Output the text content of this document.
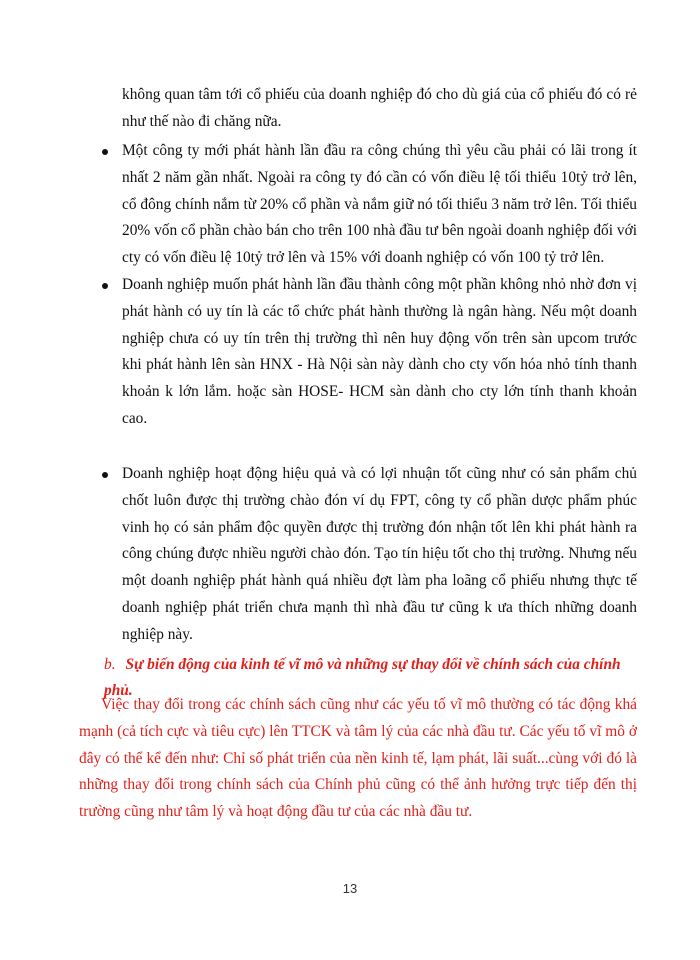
không quan tâm tới cổ phiếu của doanh nghiệp đó cho dù giá của cổ phiếu đó có rẻ như thế nào đi chăng nữa.
Một công ty mới phát hành lần đầu ra công chúng thì yêu cầu phải có lãi trong ít nhất 2 năm gần nhất. Ngoài ra công ty đó cần có vốn điều lệ tối thiểu 10tỷ trở lên, cổ đông chính nắm từ 20% cổ phần và nắm giữ nó tối thiểu 3 năm trở lên. Tối thiểu 20% vốn cổ phần chào bán cho trên 100 nhà đầu tư bên ngoài doanh nghiệp đối với cty có vốn điều lệ 10tỷ trở lên và 15% với doanh nghiệp có vốn 100 tỷ trở lên.
Doanh nghiệp muốn phát hành lần đầu thành công một phần không nhỏ nhờ đơn vị phát hành có uy tín là các tổ chức phát hành thường là ngân hàng. Nếu một doanh nghiệp chưa có uy tín trên thị trường thì nên huy động vốn trên sàn upcom trước khi phát hành lên sàn HNX - Hà Nội sàn này dành cho cty vốn hóa nhỏ tính thanh khoản k lớn lắm. hoặc sàn HOSE- HCM sàn dành cho cty lớn tính thanh khoản cao.
Doanh nghiệp hoạt động hiệu quả và có lợi nhuận tốt cũng như có sản phẩm chủ chốt luôn được thị trường chào đón ví dụ FPT, công ty cổ phần dược phẩm phúc vinh họ có sản phẩm độc quyền được thị trường đón nhận tốt lên khi phát hành ra công chúng được nhiều người chào đón. Tạo tín hiệu tốt cho thị trường. Nhưng nếu một doanh nghiệp phát hành quá nhiều đợt làm pha loãng cổ phiếu nhưng thực tế doanh nghiệp phát triển chưa mạnh thì nhà đầu tư cũng k ưa thích những doanh nghiệp này.
b. Sự biến động của kinh tế vĩ mô và những sự thay đổi về chính sách của chính phủ.
Việc thay đổi trong các chính sách cũng như các yếu tố vĩ mô thường có tác động khá mạnh (cả tích cực và tiêu cực) lên TTCK và tâm lý của các nhà đầu tư. Các yếu tố vĩ mô ở đây có thể kể đến như: Chỉ số phát triển của nền kinh tế, lạm phát, lãi suất...cùng với đó là những thay đổi trong chính sách của Chính phủ cũng có thể ảnh hưởng trực tiếp đến thị trường cũng như tâm lý và hoạt động đầu tư của các nhà đầu tư.
13
